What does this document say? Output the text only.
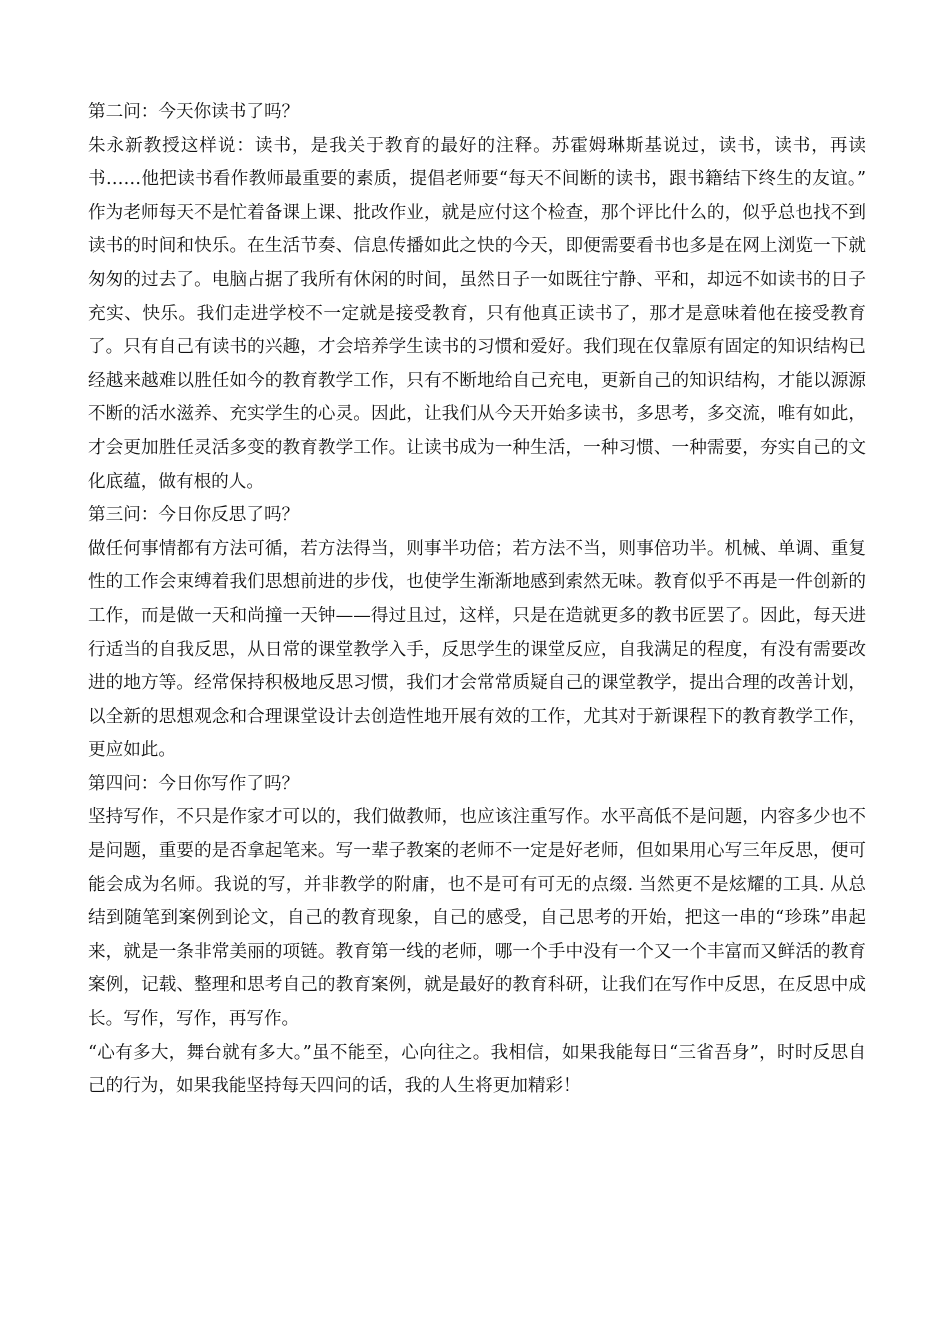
第二问：今天你读书了吗？

朱永新教授这样说：读书，是我关于教育的最好的注释。苏霍姆琳斯基说过，读书，读书，再读书……他把读书看作教师最重要的素质，提倡老师要“每天不间断的读书，跟书籍结下终生的友谊。” 作为老师每天不是忙着备课上课、批改作业，就是应付这个检查，那个评比什么的，似乎总也找不到读书的时间和快乐。在生活节奏、信息传播如此之快的今天，即便需要看书也多是在网上浏览一下就匆匆的过去了。电脑占据了我所有休闲的时间，虽然日子一如既往宁静、平和，却远不如读书的日子充实、快乐。我们走进学校不一定就是接受教育，只有他真正读书了，那才是意味着他在接受教育了。只有自己有读书的兴趣，才会培养学生读书的习惯和爱好。我们现在仅靠原有固定的知识结构已经越来越难以胜任如今的教育教学工作，只有不断地给自己充电，更新自己的知识结构，才能以源源不断的活水滋养、充实学生的心灵。因此，让我们从今天开始多读书，多思考，多交流，唯有如此，才会更加胜任灵活多变的教育教学工作。让读书成为一种生活，一种习惯、一种需要，夯实自己的文化底蕴，做有根的人。

第三问：今日你反思了吗？

做任何事情都有方法可循，若方法得当，则事半功倍；若方法不当，则事倍功半。机械、单调、重复性的工作会束缚着我们思想前进的步伐，也使学生渐渐地感到索然无味。教育似乎不再是一件创新的工作，而是做一天和尚撞一天钟——得过且过，这样，只是在造就更多的教书匠罢了。因此，每天进行适当的自我反思，从日常的课堂教学入手，反思学生的课堂反应，自我满足的程度，有没有需要改进的地方等。经常保持积极地反思习惯，我们才会常常质疑自己的课堂教学，提出合理的改善计划，以全新的思想观念和合理课堂设计去创造性地开展有效的工作，尤其对于新课程下的教育教学工作，更应如此。

第四问：今日你写作了吗？

坚持写作，不只是作家才可以的，我们做教师，也应该注重写作。水平高低不是问题，内容多少也不是问题，重要的是否拿起笔来。写一辈子教案的老师不一定是好老师，但如果用心写三年反思，便可能会成为名师。我说的写，并非教学的附庸，也不是可有可无的点缀. 当然更不是炫耀的工具. 从总结到随笔到案例到论文，自己的教育现象，自己的感受，自己思考的开始，把这一串的“珍珠”串起来，就是一条非常美丽的项链。教育第一线的老师，哪一个手中没有一个又一个丰富而又鲜活的教育案例，记载、整理和思考自己的教育案例，就是最好的教育科研，让我们在写作中反思，在反思中成长。写作，写作，再写作。

“心有多大，舞台就有多大。”虽不能至，心向往之。我相信，如果我能每日“三省吾身”，时时反思自己的行为，如果我能坚持每天四问的话，我的人生将更加精彩！
